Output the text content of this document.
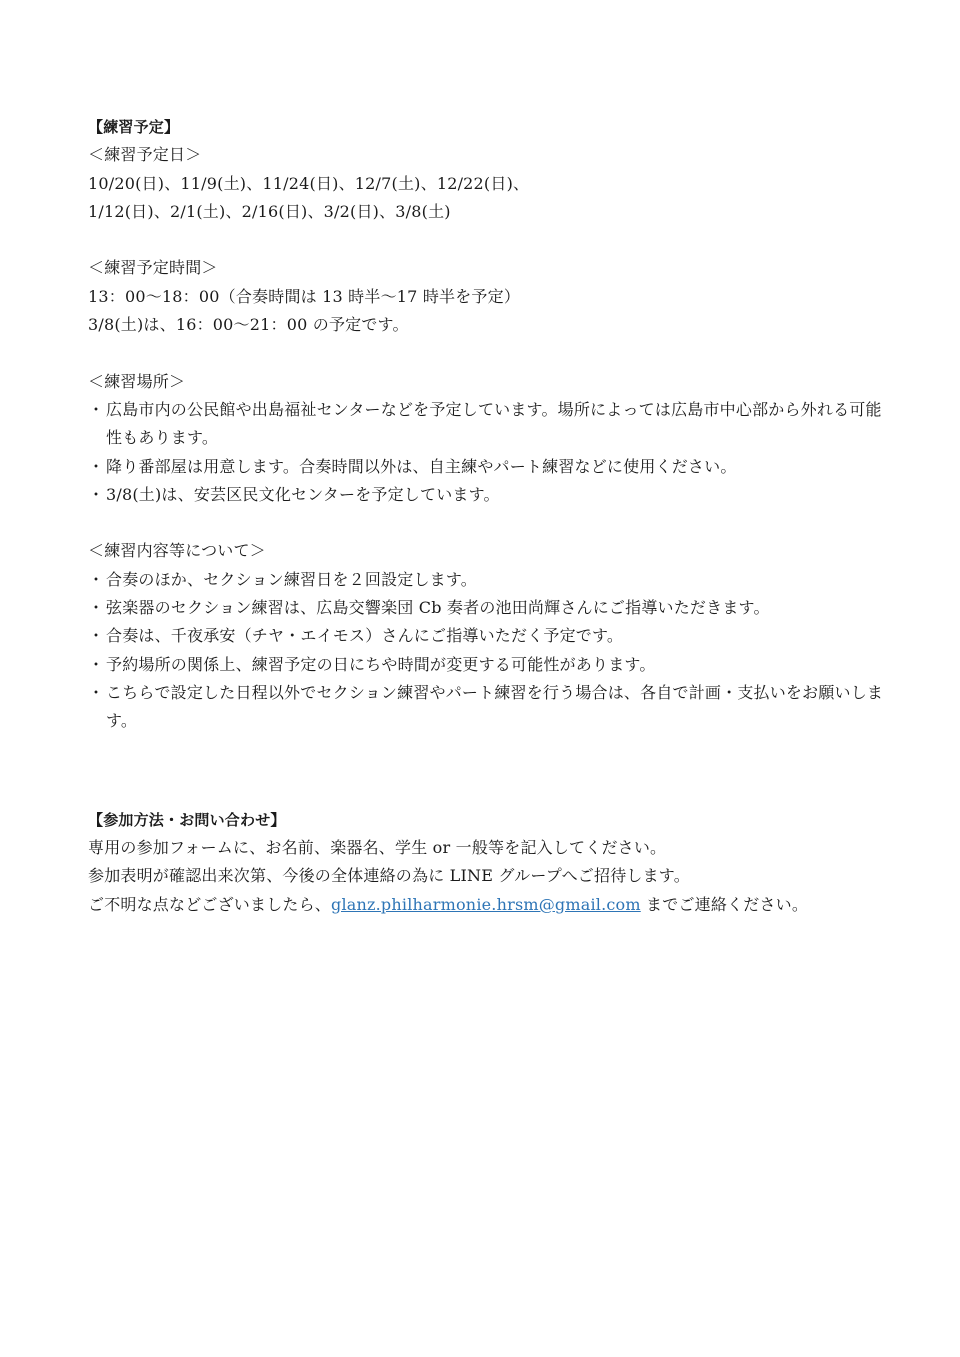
【練習予定】
＜練習予定日＞
10/20(日)、11/9(土)、11/24(日)、12/7(土)、12/22(日)、
1/12(日)、2/1(土)、2/16(日)、3/2(日)、3/8(土)
＜練習予定時間＞
13：00〜18：00（合奏時間は 13 時半〜17 時半を予定）
3/8(土)は、16：00〜21：00 の予定です。
＜練習場所＞
・ 広島市内の公民館や出島福祉センターなどを予定しています。場所によっては広島市中心部から外れる可能性もあります。
・ 降り番部屋は用意します。合奏時間以外は、自主練やパート練習などに使用ください。
・ 3/8(土)は、安芸区民文化センターを予定しています。
＜練習内容等について＞
・ 合奏のほか、セクション練習日を２回設定します。
・ 弦楽器のセクション練習は、広島交響楽団 Cb 奏者の池田尚輝さんにご指導いただきます。
・ 合奏は、千夜承安（チヤ・エイモス）さんにご指導いただく予定です。
・ 予約場所の関係上、練習予定の日にちや時間が変更する可能性があります。
・ こちらで設定した日程以外でセクション練習やパート練習を行う場合は、各自で計画・支払いをお願いします。
【参加方法・お問い合わせ】
専用の参加フォームに、お名前、楽器名、学生 or 一般等を記入してください。
参加表明が確認出来次第、今後の全体連絡の為に LINE グループへご招待します。
ご不明な点などございましたら、glanz.philharmonie.hrsm@gmail.com までご連絡ください。
